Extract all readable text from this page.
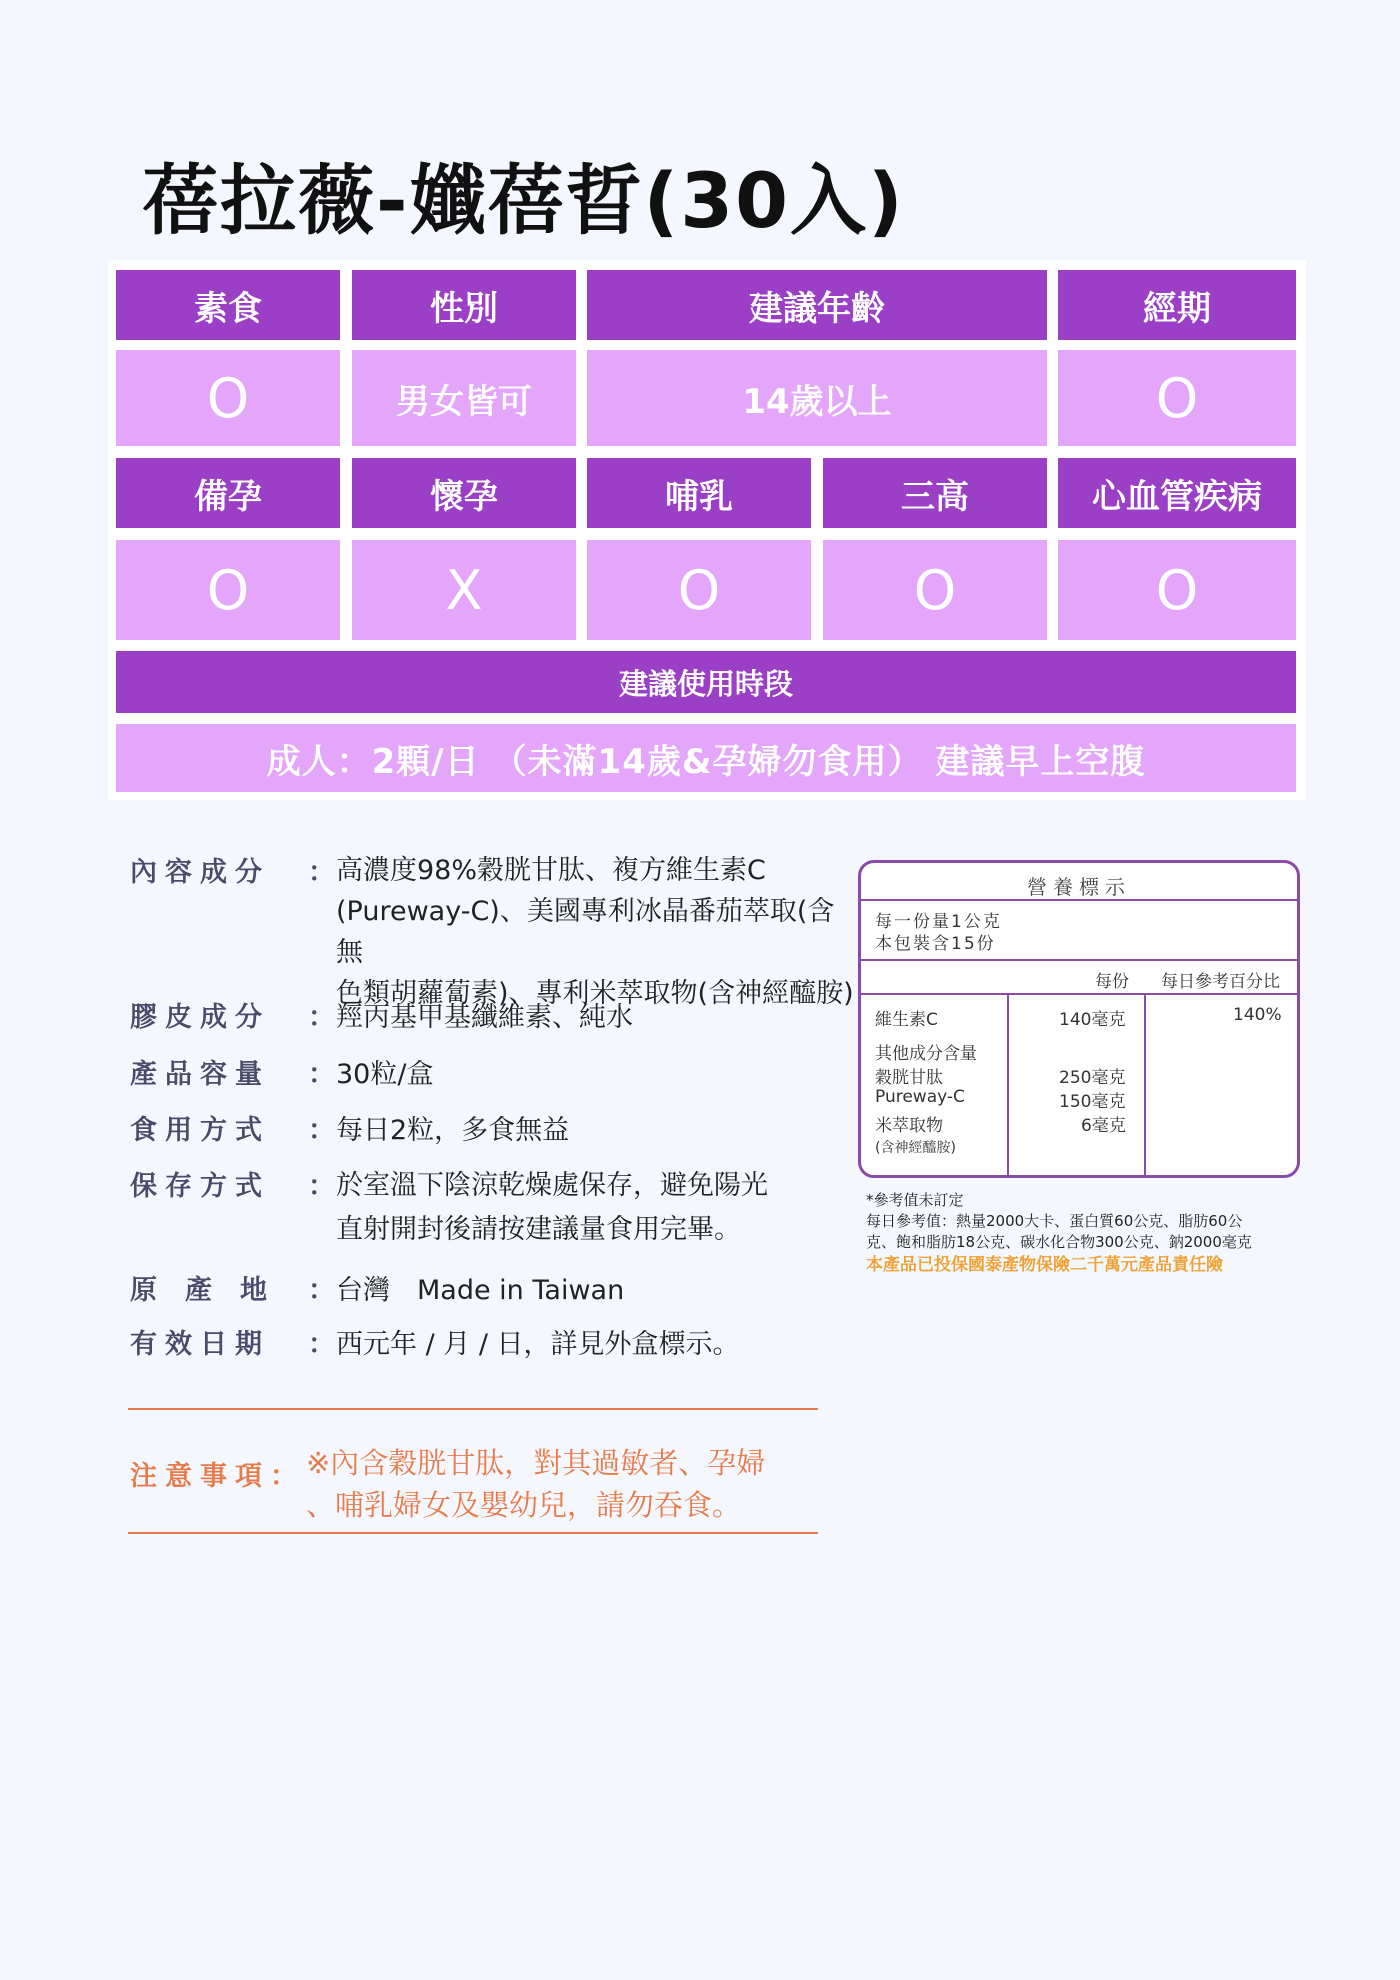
蓓拉薇-孅蓓晢(30入)
素食	性別	建議年齡	經期
O	男女皆可	14歲以上	O
備孕	懷孕	哺乳	三高	心血管疾病
O	X	O	O	O
建議使用時段
成人：2顆/日 （未滿14歲&孕婦勿食用） 建議早上空腹
內容成分	： 高濃度98%穀胱甘肽、複方維生素C
(Pureway-C)、美國專利冰晶番茄萃取(含無
色類胡蘿蔔素)、專利米萃取物(含神經醯胺)
膠皮成分	： 羥丙基甲基纖維素、純水
產品容量	： 30粒/盒
食用方式	： 每日2粒，多食無益
保存方式	： 於室溫下陰涼乾燥處保存，避免陽光
直射開封後請按建議量食用完畢。
原產地 ： 台灣　Made in Taiwan
有效日期	： 西元年 / 月 / 日，詳見外盒標示。
注意事項： ※內含穀胱甘肽，對其過敏者、孕婦
、哺乳婦女及嬰幼兒，請勿吞食。
營養標示
每一份量1公克
本包裝含15份
每份 每日參考百分比
維生素C	140毫克	140%
其他成分含量
穀胱甘肽	250毫克
Pureway-C	150毫克
米萃取物	6毫克
(含神經醯胺)
*參考值未訂定
每日參考值：熱量2000大卡、蛋白質60公克、脂肪60公
克、飽和脂肪18公克、碳水化合物300公克、鈉2000毫克
本產品已投保國泰產物保險二千萬元產品責任險
